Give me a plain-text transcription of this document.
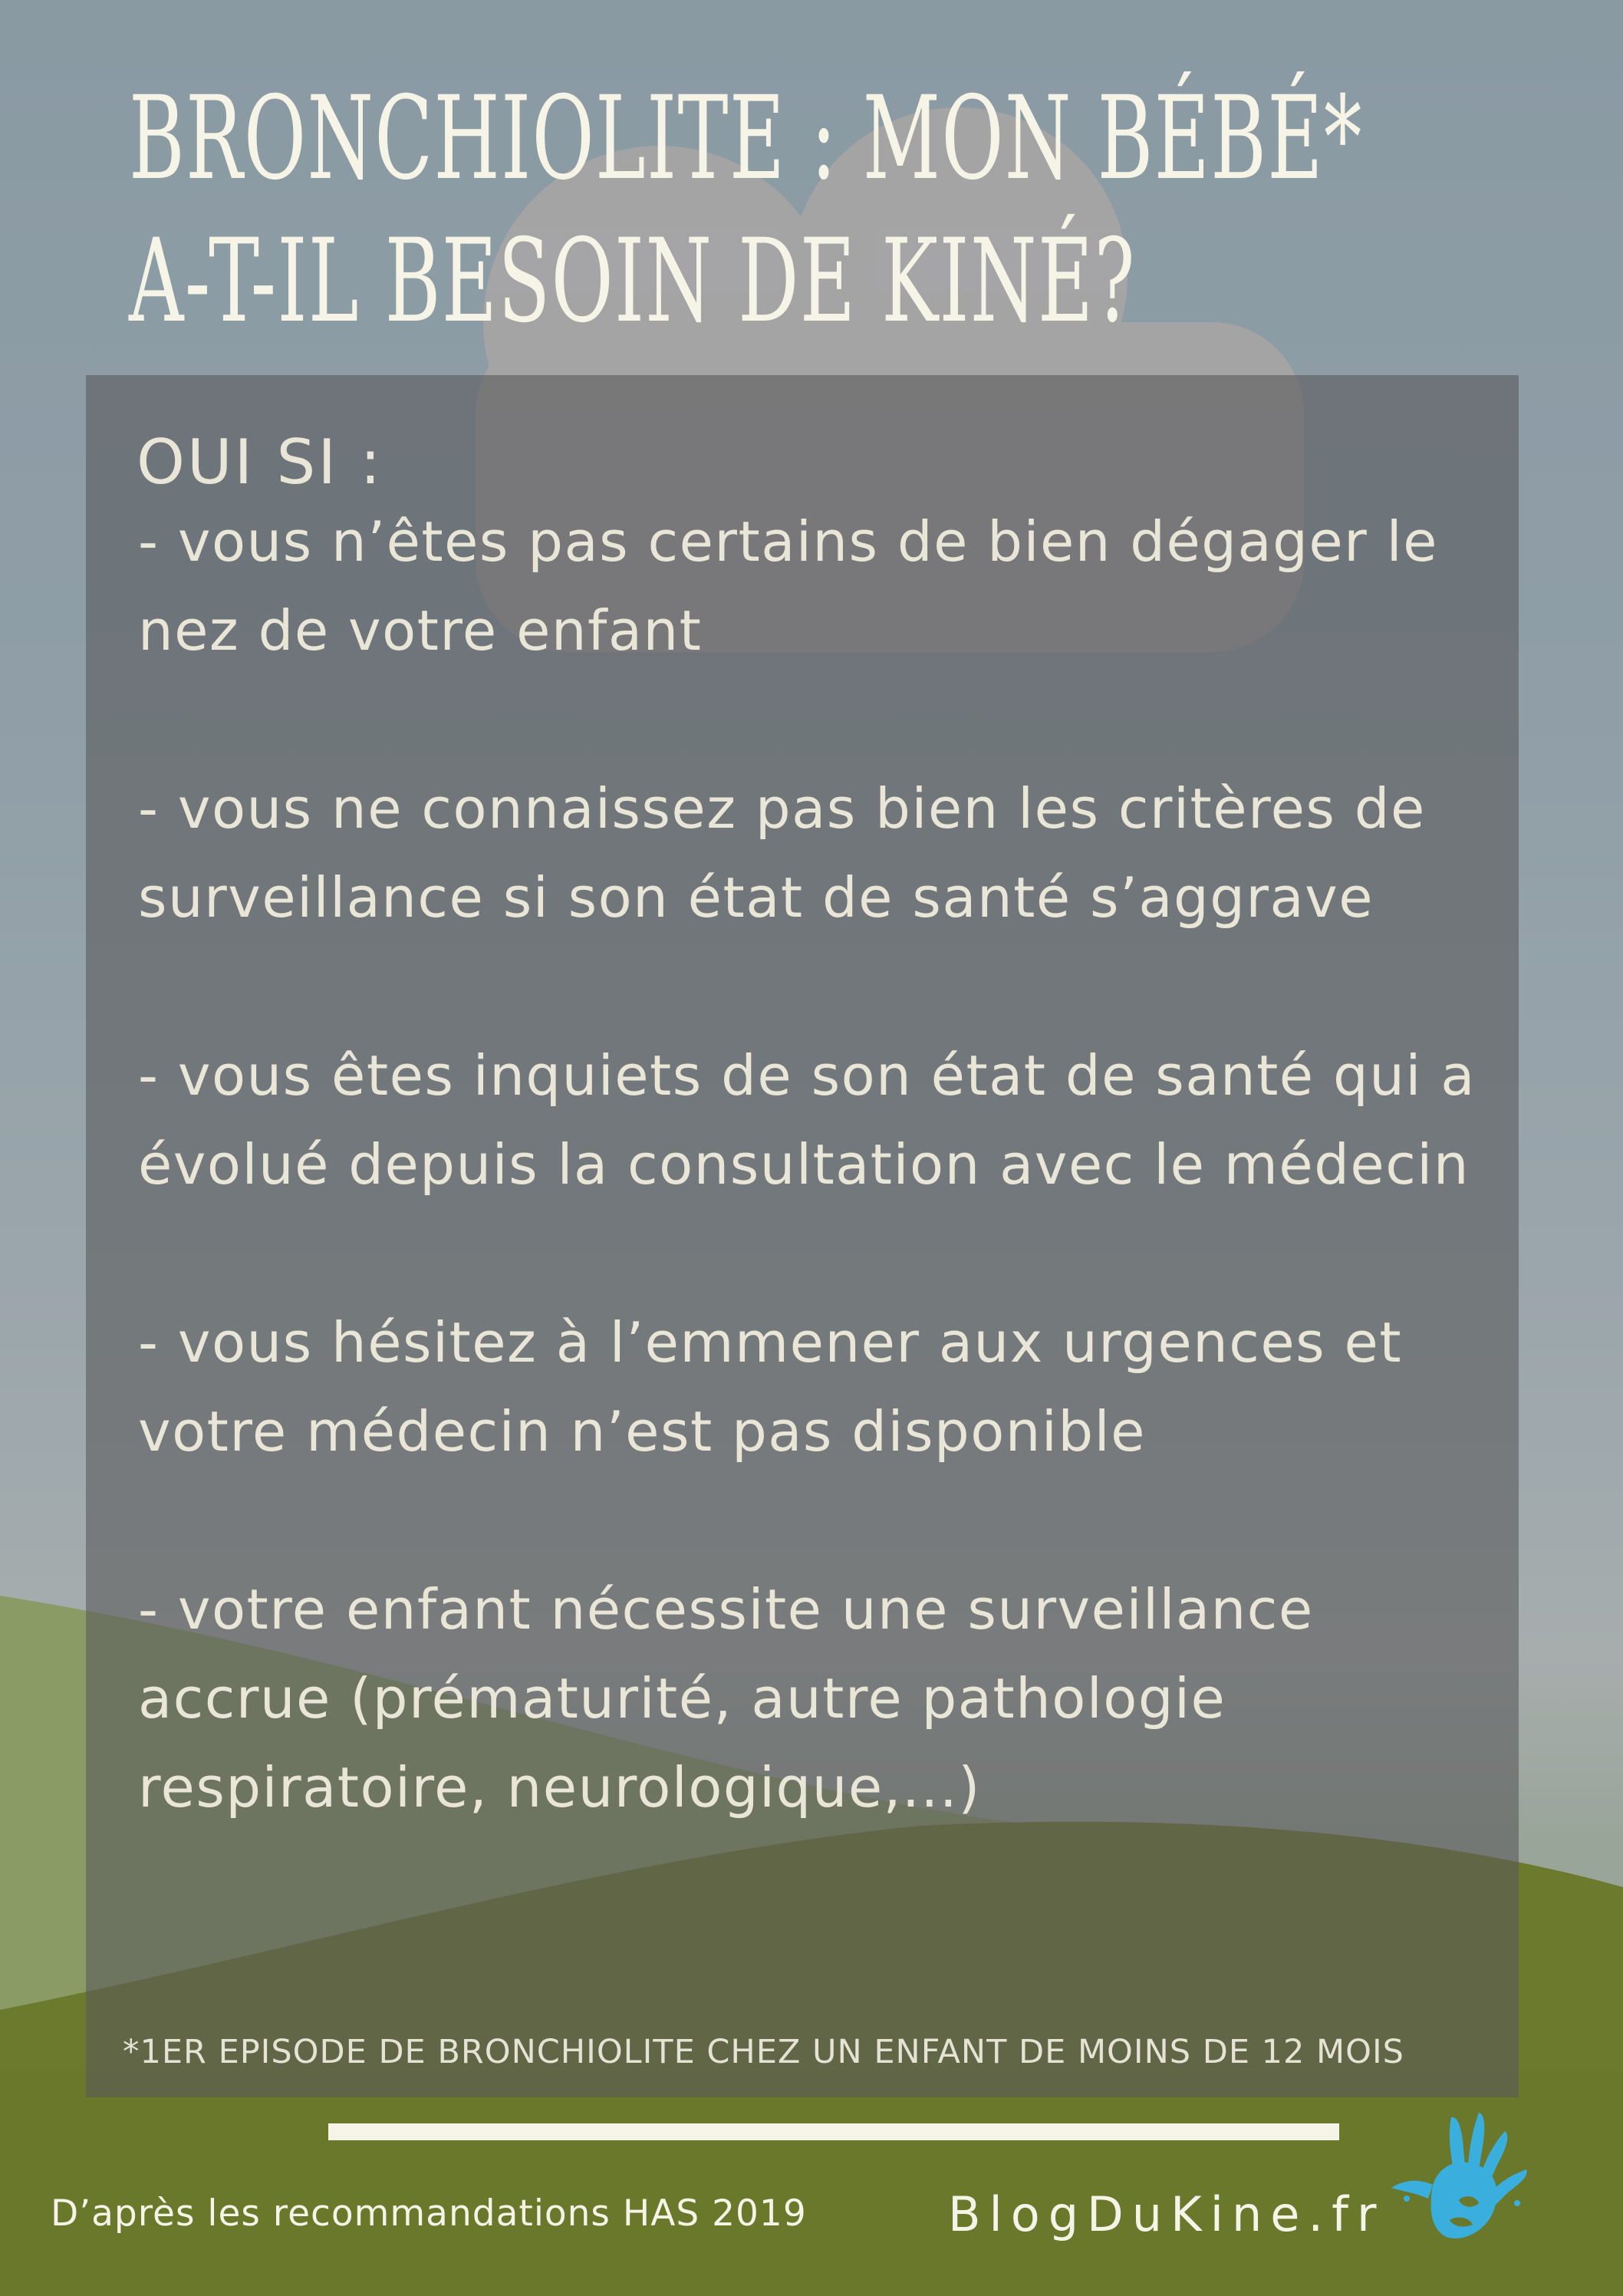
BRONCHIOLITE : MON BÉBÉ*
A-T-IL BESOIN DE KINÉ?
OUI SI :
- vous n’êtes pas certains de bien dégager le nez de votre enfant
- vous ne connaissez pas bien les critères de surveillance si son état de santé s’aggrave
- vous êtes inquiets de son état de santé qui a évolué depuis la consultation avec le médecin
- vous hésitez à l’emmener aux urgences et votre médecin n’est pas disponible
- votre enfant nécessite une surveillance accrue (prématurité, autre pathologie respiratoire, neurologique,...)
*1ER EPISODE DE BRONCHIOLITE CHEZ UN ENFANT DE MOINS DE 12 MOIS
D’après les recommandations HAS 2019	BlogDuKine.fr
